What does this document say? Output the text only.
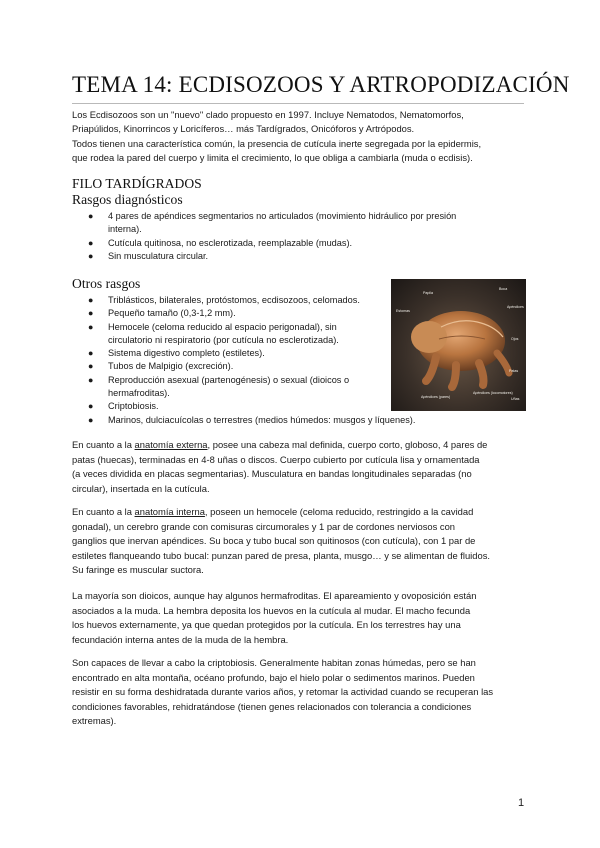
TEMA 14: ECDISOZOOS Y ARTROPODIZACIÓN

Los Ecdisozoos son un "nuevo" clado propuesto en 1997. Incluye Nematodos, Nematomorfos,

Priapúlidos, Kinorrincos y Loricíferos… más Tardígrados, Onicóforos y Artrópodos.

Todos tienen una característica común, la presencia de cutícula inerte segregada por la epidermis,

que rodea la pared del cuerpo y limita el crecimiento, lo que obliga a cambiarla (muda o ecdisis).

FILO TARDÍGRADOS
Rasgos diagnósticos
● 4 pares de apéndices segmentarios no articulados (movimiento hidráulico por presión
interna).
● Cutícula quitinosa, no esclerotizada, reemplazable (mudas).
● Sin musculatura circular.
Otros rasgos
● Triblásticos, bilaterales, protóstomos, ecdisozoos, celomados.
● Pequeño tamaño (0,3-1,2 mm).
● Hemocele (celoma reducido al espacio perigonadal), sin
circulatorio ni respiratorio (por cutícula no esclerotizada).
● Sistema digestivo completo (estiletes).
● Tubos de Malpigio (excreción).
● Reproducción asexual (partenogénesis) o sexual (dioicos o
hermafroditas).
● Criptobiosis.
● Marinos, dulciacuícolas o terrestres (medios húmedos: musgos y líquenes).
Papila
Boca
Estomas
Apéndices
Ojos
Patas
Uñas
Apéndices (pares)
Apéndices (locomotores)

En cuanto a la anatomía externa, posee una cabeza mal definida, cuerpo corto, globoso, 4 pares de
patas (huecas), terminadas en 4-8 uñas o discos. Cuerpo cubierto por cutícula lisa y ornamentada
(a veces dividida en placas segmentarias). Musculatura en bandas longitudinales separadas (no
circular), insertada en la cutícula.

En cuanto a la anatomía interna, poseen un hemocele (celoma reducido, restringido a la cavidad
gonadal), un cerebro grande con comisuras circumorales y 1 par de cordones nerviosos con
ganglios que inervan apéndices. Su boca y tubo bucal son quitinosos (con cutícula), con 1 par de
estiletes flanqueando tubo bucal: punzan pared de presa, planta, musgo… y se alimentan de fluidos.
Su faringe es muscular suctora.

La mayoría son dioicos, aunque hay algunos hermafroditas. El apareamiento y ovoposición están
asociados a la muda. La hembra deposita los huevos en la cutícula al mudar. El macho fecunda
los huevos externamente, ya que quedan protegidos por la cutícula. En los terrestres hay una
fecundación interna antes de la muda de la hembra.

Son capaces de llevar a cabo la criptobiosis. Generalmente habitan zonas húmedas, pero se han
encontrado en alta montaña, océano profundo, bajo el hielo polar o sedimentos marinos. Pueden
resistir en su forma deshidratada durante varios años, y retomar la actividad cuando se recuperan las
condiciones favorables, rehidratándose (tienen genes relacionados con tolerancia a condiciones
extremas).

1
